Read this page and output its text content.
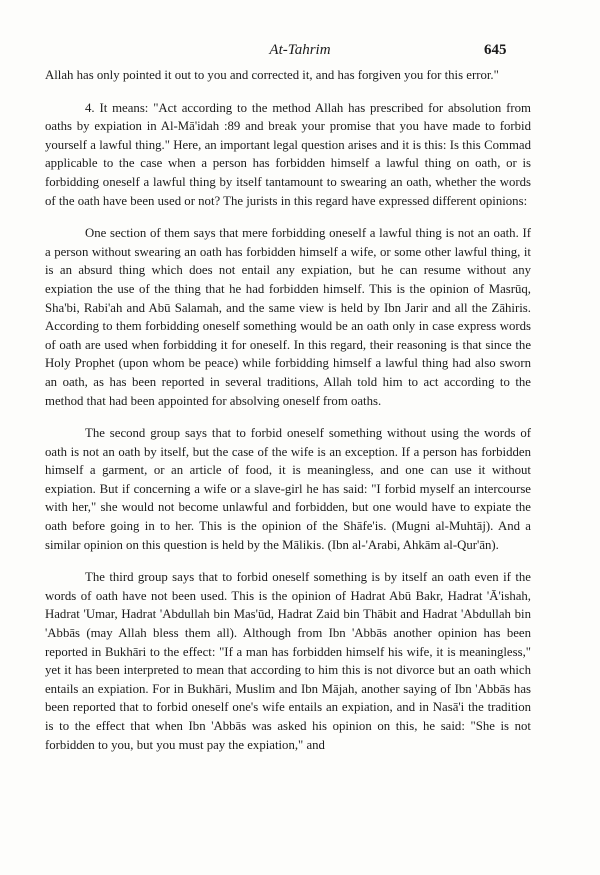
At-Tahrim	645

Allah has only pointed it out to you and corrected it, and has forgiven you for this error."

4. It means: "Act according to the method Allah has prescribed for absolution from oaths by expiation in Al-Mā'idah :89 and break your promise that you have made to forbid yourself a lawful thing." Here, an important legal question arises and it is this: Is this Commad applicable to the case when a person has forbidden himself a lawful thing on oath, or is forbidding oneself a lawful thing by itself tantamount to swearing an oath, whether the words of the oath have been used or not? The jurists in this regard have expressed different opinions:

One section of them says that mere forbidding oneself a lawful thing is not an oath. If a person without swearing an oath has forbidden himself a wife, or some other lawful thing, it is an absurd thing which does not entail any expiation, but he can resume without any expiation the use of the thing that he had forbidden himself. This is the opinion of Masrūq, Sha'bi, Rabi'ah and Abū Salamah, and the same view is held by Ibn Jarir and all the Zāhiris. According to them forbidding oneself something would be an oath only in case express words of oath are used when forbidding it for oneself. In this regard, their reasoning is that since the Holy Prophet (upon whom be peace) while forbidding himself a lawful thing had also sworn an oath, as has been reported in several traditions, Allah told him to act according to the method that had been appointed for absolving oneself from oaths.

The second group says that to forbid oneself something without using the words of oath is not an oath by itself, but the case of the wife is an exception. If a person has forbidden himself a garment, or an article of food, it is meaningless, and one can use it without expiation. But if concerning a wife or a slave-girl he has said: "I forbid myself an intercourse with her," she would not become unlawful and forbidden, but one would have to expiate the oath before going in to her. This is the opinion of the Shāfe'is. (Mugni al-Muhtāj). And a similar opinion on this question is held by the Mālikis. (Ibn al-'Arabi, Ahkām al-Qur'ān).

The third group says that to forbid oneself something is by itself an oath even if the words of oath have not been used. This is the opinion of Hadrat Abū Bakr, Hadrat 'Ā'ishah, Hadrat 'Umar, Hadrat 'Abdullah bin Mas'ūd, Hadrat Zaid bin Thābit and Hadrat 'Abdullah bin 'Abbās (may Allah bless them all). Although from Ibn 'Abbās another opinion has been reported in Bukhāri to the effect: "If a man has forbidden himself his wife, it is meaningless," yet it has been interpreted to mean that according to him this is not divorce but an oath which entails an expiation. For in Bukhāri, Muslim and Ibn Mājah, another saying of Ibn 'Abbās has been reported that to forbid oneself one's wife entails an expiation, and in Nasā'i the tradition is to the effect that when Ibn 'Abbās was asked his opinion on this, he said: "She is not forbidden to you, but you must pay the expiation," and
